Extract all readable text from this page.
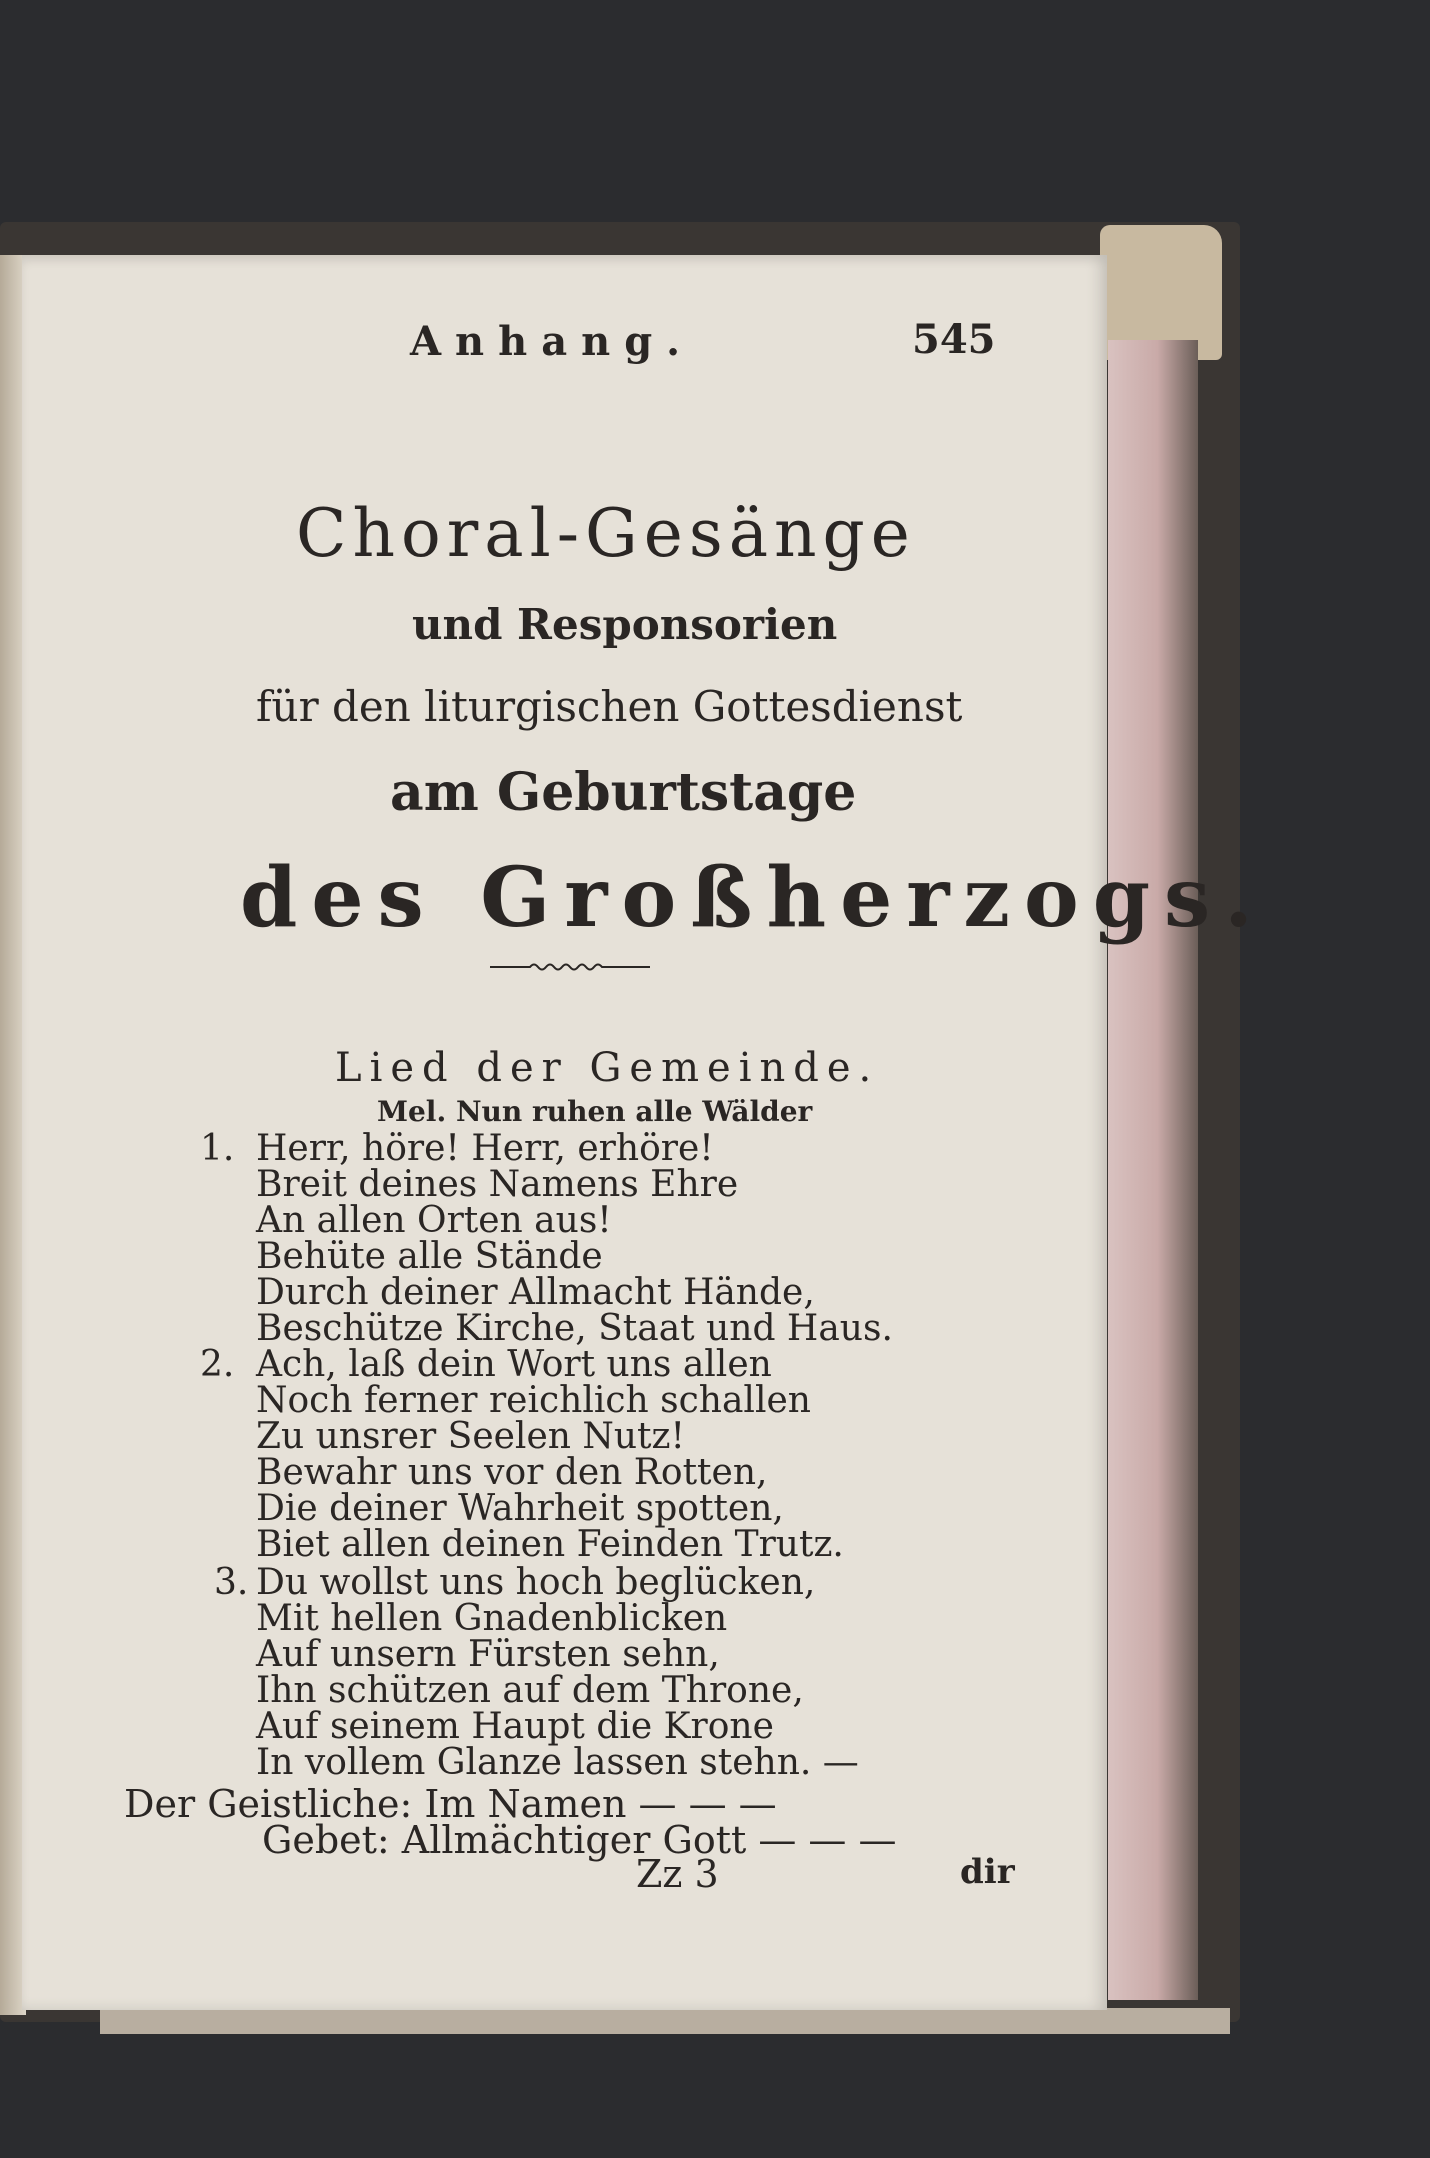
Anhang.	545
Choral-Gesänge
und Responsorien
für den liturgischen Gottesdienst
am Geburtstage
des Großherzogs.
Lied der Gemeinde.
Mel. Nun ruhen alle Wälder
1. Herr, höre! Herr, erhöre!
Breit deines Namens Ehre
An allen Orten aus!
Behüte alle Stände
Durch deiner Allmacht Hände,
Beschütze Kirche, Staat und Haus.
2. Ach, laß dein Wort uns allen
Noch ferner reichlich schallen
Zu unsrer Seelen Nutz!
Bewahr uns vor den Rotten,
Die deiner Wahrheit spotten,
Biet allen deinen Feinden Trutz.
3. Du wollst uns hoch beglücken,
Mit hellen Gnadenblicken
Auf unsern Fürsten sehn,
Ihn schützen auf dem Throne,
Auf seinem Haupt die Krone
In vollem Glanze lassen stehn. —
Der Geistliche: Im Namen — — —
Gebet: Allmächtiger Gott — — —
Zz 3	dir
